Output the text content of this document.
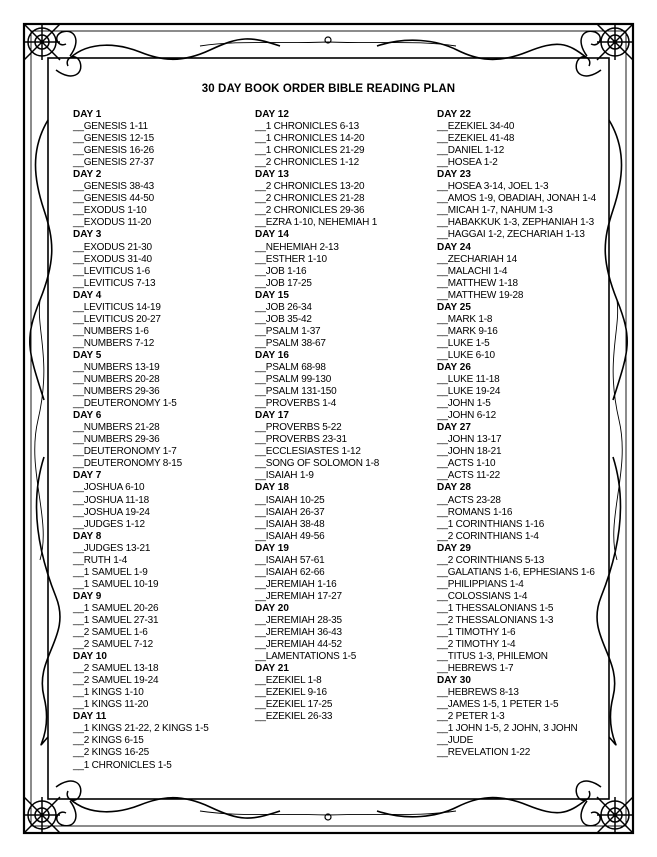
30 DAY BOOK ORDER BIBLE READING PLAN
DAY 1
__GENESIS 1-11
__GENESIS 12-15
__GENESIS 16-26
__GENESIS 27-37
DAY 2
__GENESIS 38-43
__GENESIS 44-50
__EXODUS 1-10
__EXODUS 11-20
DAY 3
__EXODUS 21-30
__EXODUS 31-40
__LEVITICUS 1-6
__LEVITICUS 7-13
DAY 4
__LEVITICUS 14-19
__LEVITICUS 20-27
__NUMBERS 1-6
__NUMBERS 7-12
DAY 5
__NUMBERS 13-19
__NUMBERS 20-28
__NUMBERS 29-36
__DEUTERONOMY 1-5
DAY 6
__NUMBERS 21-28
__NUMBERS 29-36
__DEUTERONOMY 1-7
__DEUTERONOMY 8-15
DAY 7
__JOSHUA 6-10
__JOSHUA 11-18
__JOSHUA 19-24
__JUDGES 1-12
DAY 8
__JUDGES 13-21
__RUTH 1-4
__1 SAMUEL 1-9
__1 SAMUEL 10-19
DAY 9
__1 SAMUEL 20-26
__1 SAMUEL 27-31
__2 SAMUEL 1-6
__2 SAMUEL 7-12
DAY 10
__2 SAMUEL 13-18
__2 SAMUEL 19-24
__1 KINGS 1-10
__1 KINGS 11-20
DAY 11
__1 KINGS 21-22, 2 KINGS 1-5
__2 KINGS 6-15
__2 KINGS 16-25
__1 CHRONICLES 1-5
DAY 12
__1 CHRONICLES 6-13
__1 CHRONICLES 14-20
__1 CHRONICLES 21-29
__2 CHRONICLES 1-12
DAY 13
__2 CHRONICLES 13-20
__2 CHRONICLES 21-28
__2 CHRONICLES 29-36
__EZRA 1-10, NEHEMIAH 1
DAY 14
__NEHEMIAH 2-13
__ESTHER 1-10
__JOB 1-16
__JOB 17-25
DAY 15
__JOB 26-34
__JOB 35-42
__PSALM 1-37
__PSALM 38-67
DAY 16
__PSALM 68-98
__PSALM 99-130
__PSALM 131-150
__PROVERBS 1-4
DAY 17
__PROVERBS 5-22
__PROVERBS 23-31
__ECCLESIASTES 1-12
__SONG OF SOLOMON 1-8
__ISAIAH 1-9
DAY 18
__ISAIAH 10-25
__ISAIAH 26-37
__ISAIAH 38-48
__ISAIAH 49-56
DAY 19
__ISAIAH 57-61
__ISAIAH 62-66
__JEREMIAH 1-16
__JEREMIAH 17-27
DAY 20
__JEREMIAH 28-35
__JEREMIAH 36-43
__JEREMIAH 44-52
__LAMENTATIONS 1-5
DAY 21
__EZEKIEL 1-8
__EZEKIEL 9-16
__EZEKIEL 17-25
__EZEKIEL 26-33
DAY 22
__EZEKIEL 34-40
__EZEKIEL 41-48
__DANIEL 1-12
__HOSEA 1-2
DAY 23
__HOSEA 3-14, JOEL 1-3
__AMOS 1-9, OBADIAH, JONAH 1-4
__MICAH 1-7, NAHUM 1-3
__HABAKKUK 1-3, ZEPHANIAH 1-3
__HAGGAI 1-2, ZECHARIAH 1-13
DAY 24
__ZECHARIAH 14
__MALACHI 1-4
__MATTHEW 1-18
__MATTHEW 19-28
DAY 25
__MARK 1-8
__MARK 9-16
__LUKE 1-5
__LUKE 6-10
DAY 26
__LUKE 11-18
__LUKE 19-24
__JOHN 1-5
__JOHN 6-12
DAY 27
__JOHN 13-17
__JOHN 18-21
__ACTS 1-10
__ACTS 11-22
DAY 28
__ACTS 23-28
__ROMANS 1-16
__1 CORINTHIANS 1-16
__2 CORINTHIANS 1-4
DAY 29
__2 CORINTHIANS 5-13
__GALATIANS 1-6, EPHESIANS 1-6
__PHILIPPIANS 1-4
__COLOSSIANS 1-4
__1 THESSALONIANS 1-5
__2 THESSALONIANS 1-3
__1 TIMOTHY 1-6
__2 TIMOTHY 1-4
__TITUS 1-3, PHILEMON
__HEBREWS 1-7
DAY 30
__HEBREWS 8-13
__JAMES 1-5, 1 PETER 1-5
__2 PETER 1-3
__1 JOHN 1-5, 2 JOHN, 3 JOHN
__JUDE
__REVELATION 1-22
